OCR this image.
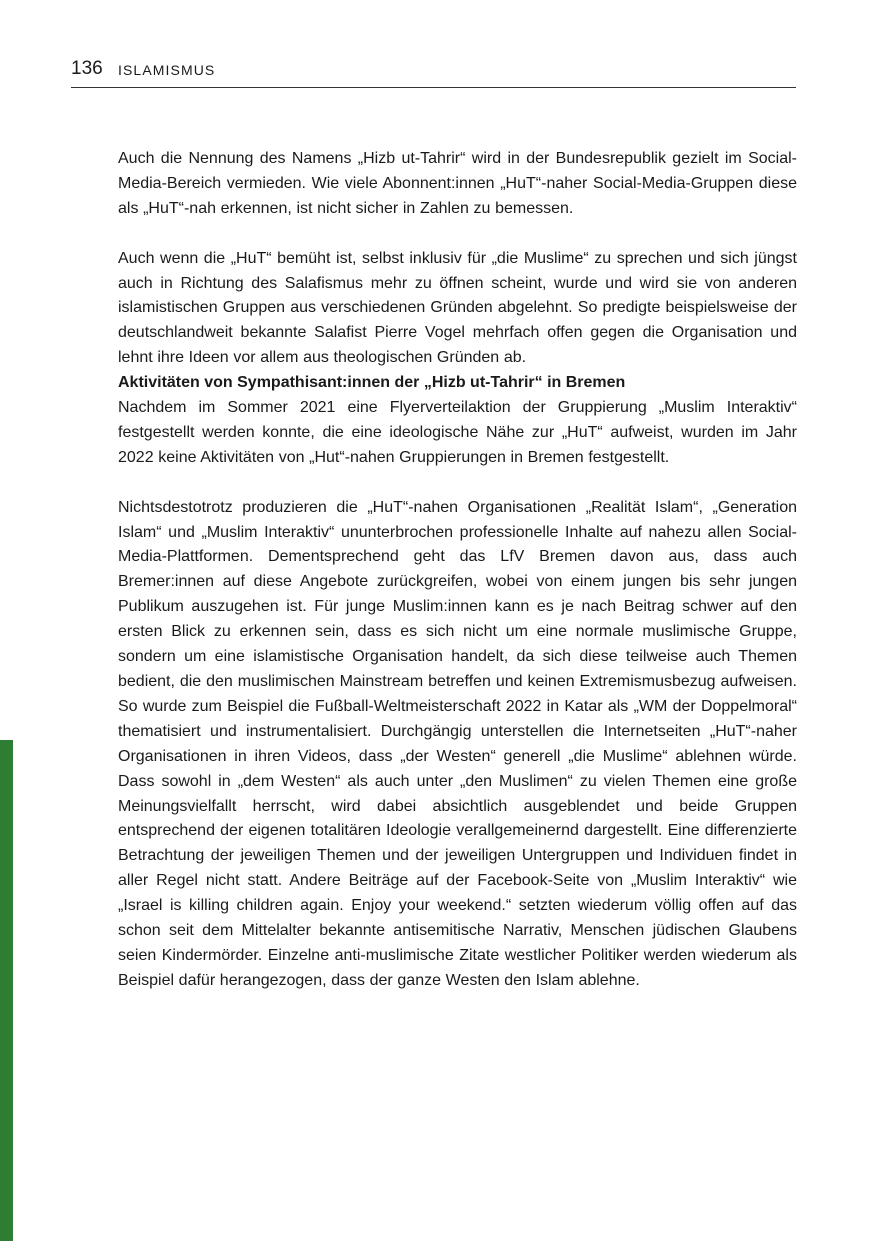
136 ISLAMISMUS

Auch die Nennung des Namens „Hizb ut-Tahrir“ wird in der Bundesrepublik gezielt im Social-Media-Bereich vermieden. Wie viele Abonnent:innen „HuT“-naher Social-Media-Gruppen diese als „HuT“-nah erkennen, ist nicht sicher in Zahlen zu bemessen.

Auch wenn die „HuT“ bemüht ist, selbst inklusiv für „die Muslime“ zu sprechen und sich jüngst auch in Richtung des Salafismus mehr zu öffnen scheint, wurde und wird sie von anderen islamistischen Gruppen aus verschiedenen Gründen abgelehnt. So predigte beispielsweise der deutschlandweit bekannte Salafist Pierre Vogel mehrfach offen gegen die Organisation und lehnt ihre Ideen vor allem aus theologischen Gründen ab.

Aktivitäten von Sympathisant:innen der „Hizb ut-Tahrir“ in Bremen

Nachdem im Sommer 2021 eine Flyerverteilaktion der Gruppierung „Muslim Interaktiv“ festgestellt werden konnte, die eine ideologische Nähe zur „HuT“ aufweist, wurden im Jahr 2022 keine Aktivitäten von „Hut“-nahen Gruppierungen in Bremen festgestellt.

Nichtsdestotrotz produzieren die „HuT“-nahen Organisationen „Realität Islam“, „Generation Islam“ und „Muslim Interaktiv“ ununterbrochen professionelle Inhalte auf nahezu allen Social-Media-Plattformen. Dementsprechend geht das LfV Bremen davon aus, dass auch Bremer:innen auf diese Angebote zurückgreifen, wobei von einem jungen bis sehr jungen Publikum auszugehen ist. Für junge Muslim:innen kann es je nach Beitrag schwer auf den ersten Blick zu erkennen sein, dass es sich nicht um eine normale muslimische Gruppe, sondern um eine islamistische Organisation handelt, da sich diese teilweise auch Themen bedient, die den muslimischen Mainstream betreffen und keinen Extremismusbezug aufweisen. So wurde zum Beispiel die Fußball-Weltmeisterschaft 2022 in Katar als „WM der Doppelmoral“ thematisiert und instrumentalisiert. Durchgängig unterstellen die Internetseiten „HuT“-naher Organisationen in ihren Videos, dass „der Westen“ generell „die Muslime“ ablehnen würde. Dass sowohl in „dem Westen“ als auch unter „den Muslimen“ zu vielen Themen eine große Meinungsvielfallt herrscht, wird dabei absichtlich ausgeblendet und beide Gruppen entsprechend der eigenen totalitären Ideologie verallgemeinernd dargestellt. Eine differenzierte Betrachtung der jeweiligen Themen und der jeweiligen Untergruppen und Individuen findet in aller Regel nicht statt. Andere Beiträge auf der Facebook-Seite von „Muslim Interaktiv“ wie „Israel is killing children again. Enjoy your weekend.“ setzten wiederum völlig offen auf das schon seit dem Mittelalter bekannte antisemitische Narrativ, Menschen jüdischen Glaubens seien Kindermörder. Einzelne anti-muslimische Zitate westlicher Politiker werden wiederum als Beispiel dafür herangezogen, dass der ganze Westen den Islam ablehne.
